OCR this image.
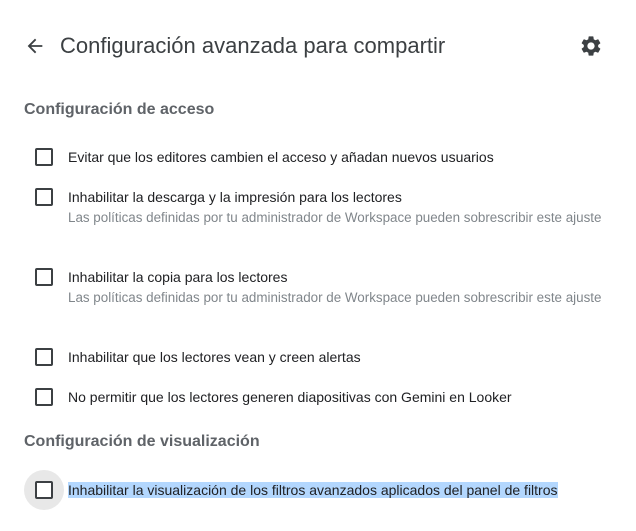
Configuración avanzada para compartir
Configuración de acceso
Evitar que los editores cambien el acceso y añadan nuevos usuarios
Inhabilitar la descarga y la impresión para los lectores
Las políticas definidas por tu administrador de Workspace pueden sobrescribir este ajuste
Inhabilitar la copia para los lectores
Las políticas definidas por tu administrador de Workspace pueden sobrescribir este ajuste
Inhabilitar que los lectores vean y creen alertas
No permitir que los lectores generen diapositivas con Gemini en Looker
Configuración de visualización
Inhabilitar la visualización de los filtros avanzados aplicados del panel de filtros
